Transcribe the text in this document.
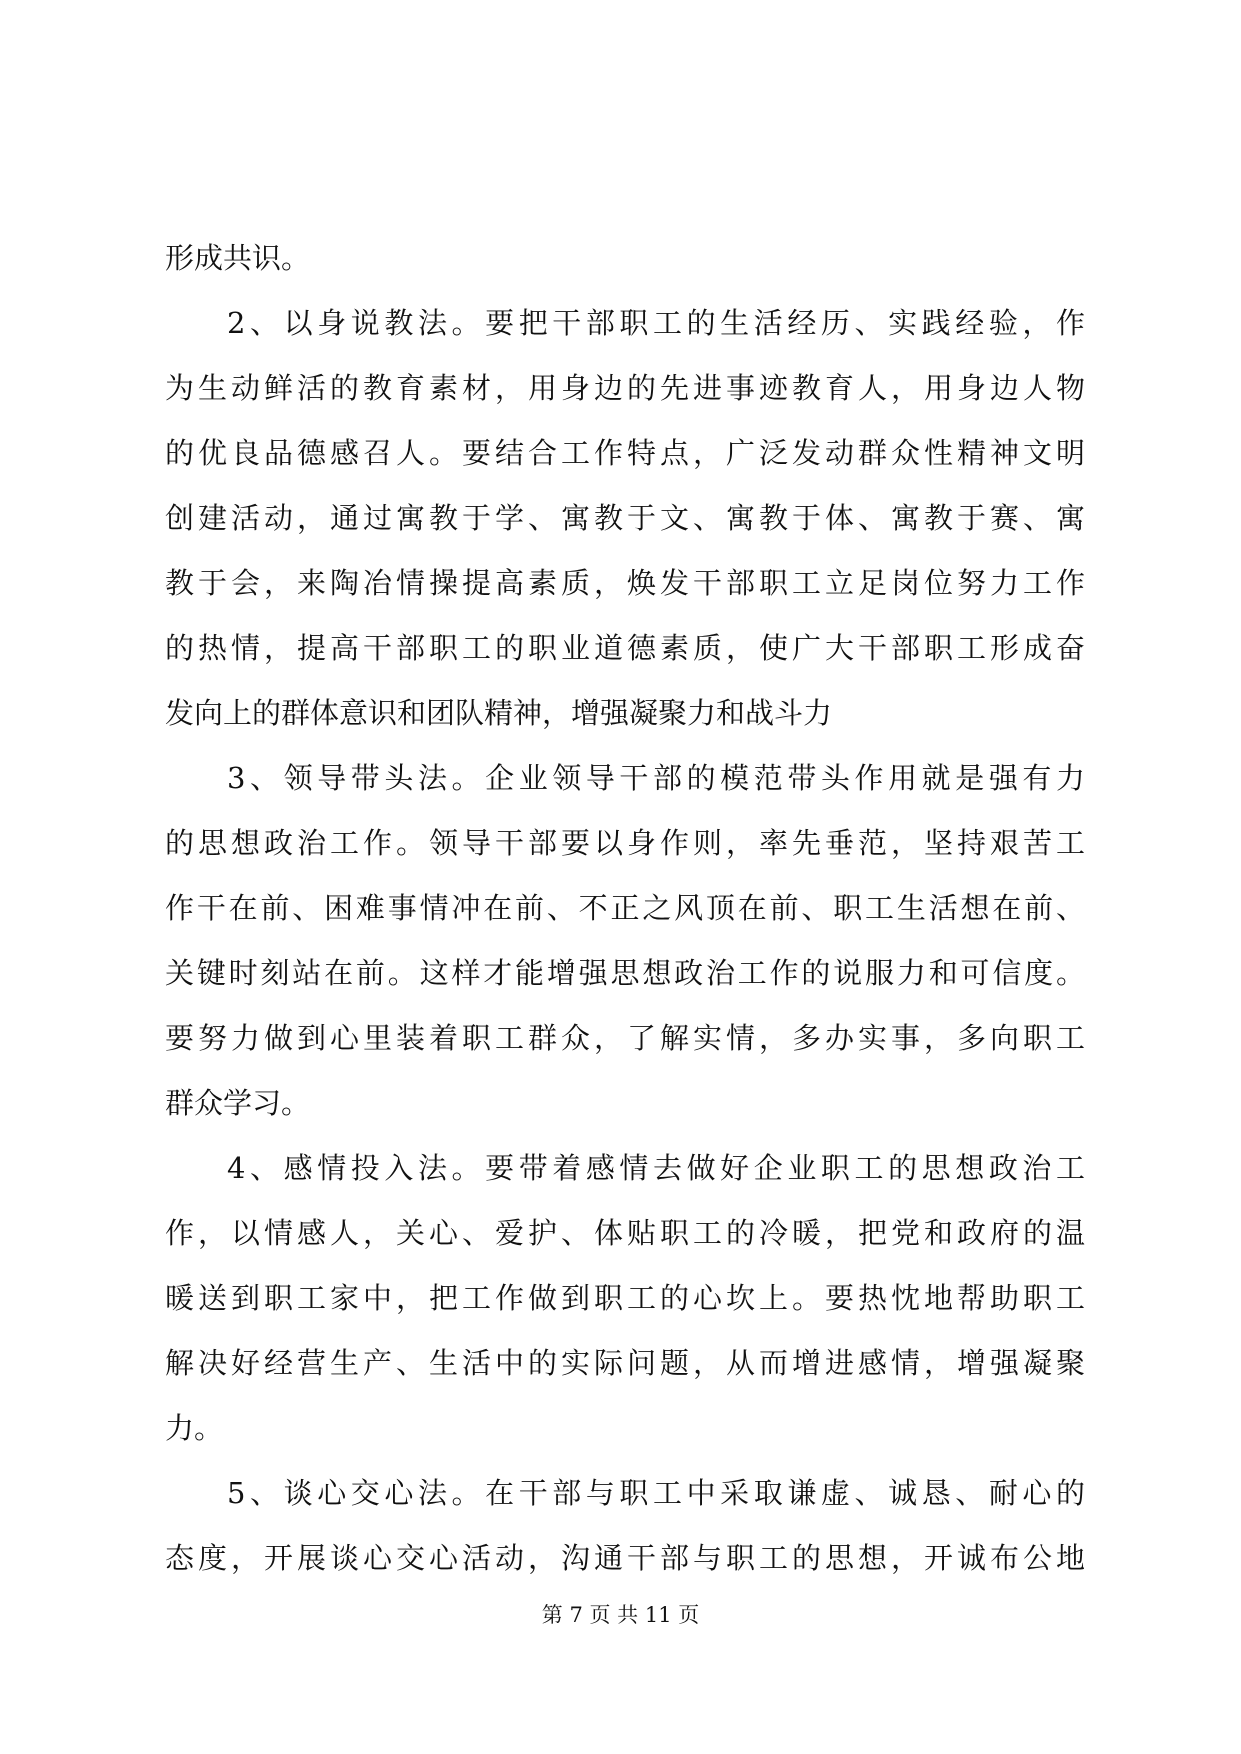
形成共识。
2、以身说教法。要把干部职工的生活经历、实践经验，作
为生动鲜活的教育素材，用身边的先进事迹教育人，用身边人物
的优良品德感召人。要结合工作特点，广泛发动群众性精神文明
创建活动，通过寓教于学、寓教于文、寓教于体、寓教于赛、寓
教于会，来陶冶情操提高素质，焕发干部职工立足岗位努力工作
的热情，提高干部职工的职业道德素质，使广大干部职工形成奋
发向上的群体意识和团队精神，增强凝聚力和战斗力
3、领导带头法。企业领导干部的模范带头作用就是强有力
的思想政治工作。领导干部要以身作则，率先垂范，坚持艰苦工
作干在前、困难事情冲在前、不正之风顶在前、职工生活想在前、
关键时刻站在前。这样才能增强思想政治工作的说服力和可信度。
要努力做到心里装着职工群众，了解实情，多办实事，多向职工
群众学习。
4、感情投入法。要带着感情去做好企业职工的思想政治工
作，以情感人，关心、爱护、体贴职工的冷暖，把党和政府的温
暖送到职工家中，把工作做到职工的心坎上。要热忱地帮助职工
解决好经营生产、生活中的实际问题，从而增进感情，增强凝聚
力。
5、谈心交心法。在干部与职工中采取谦虚、诚恳、耐心的
态度，开展谈心交心活动，沟通干部与职工的思想，开诚布公地
第 7 页 共 11 页
